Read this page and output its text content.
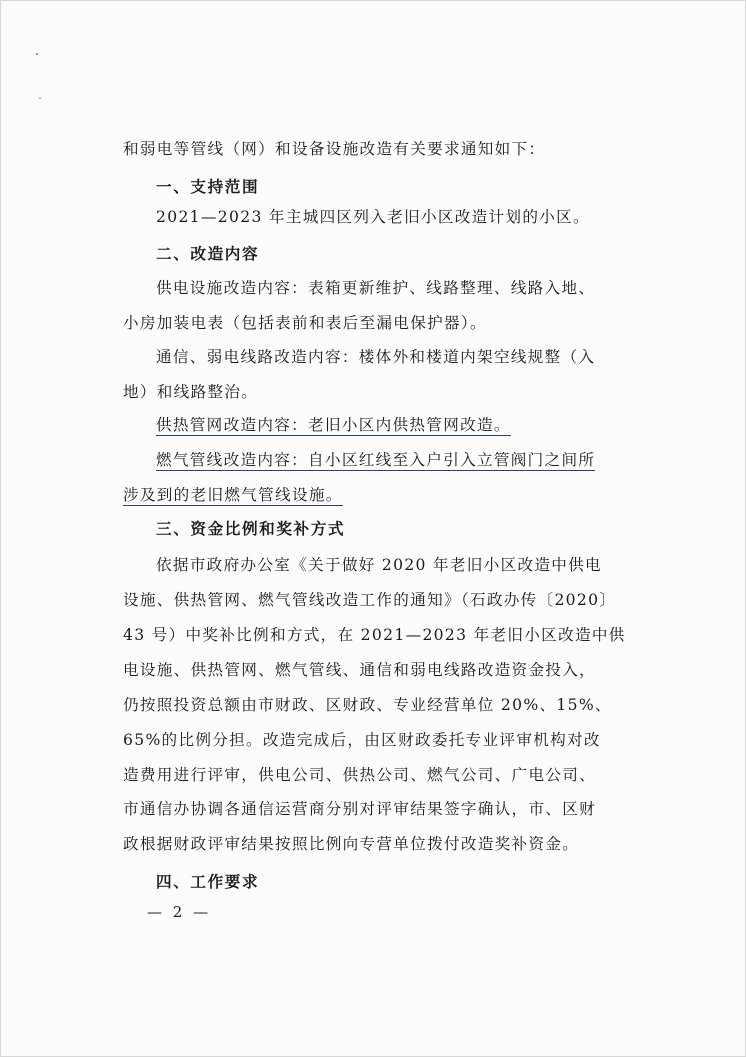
和弱电等管线（网）和设备设施改造有关要求通知如下：
一、支持范围
2021—2023 年主城四区列入老旧小区改造计划的小区。
二、改造内容
供电设施改造内容：表箱更新维护、线路整理、线路入地、
小房加装电表（包括表前和表后至漏电保护器）。
通信、弱电线路改造内容：楼体外和楼道内架空线规整（入
地）和线路整治。
供热管网改造内容：老旧小区内供热管网改造。
燃气管线改造内容：自小区红线至入户引入立管阀门之间所
涉及到的老旧燃气管线设施。
三、资金比例和奖补方式
依据市政府办公室《关于做好 2020 年老旧小区改造中供电
设施、供热管网、燃气管线改造工作的通知》（石政办传〔2020〕
43 号）中奖补比例和方式，在 2021—2023 年老旧小区改造中供
电设施、供热管网、燃气管线、通信和弱电线路改造资金投入，
仍按照投资总额由市财政、区财政、专业经营单位 20%、15%、
65%的比例分担。改造完成后，由区财政委托专业评审机构对改
造费用进行评审，供电公司、供热公司、燃气公司、广电公司、
市通信办协调各通信运营商分别对评审结果签字确认，市、区财
政根据财政评审结果按照比例向专营单位拨付改造奖补资金。
四、工作要求
— 2 —
